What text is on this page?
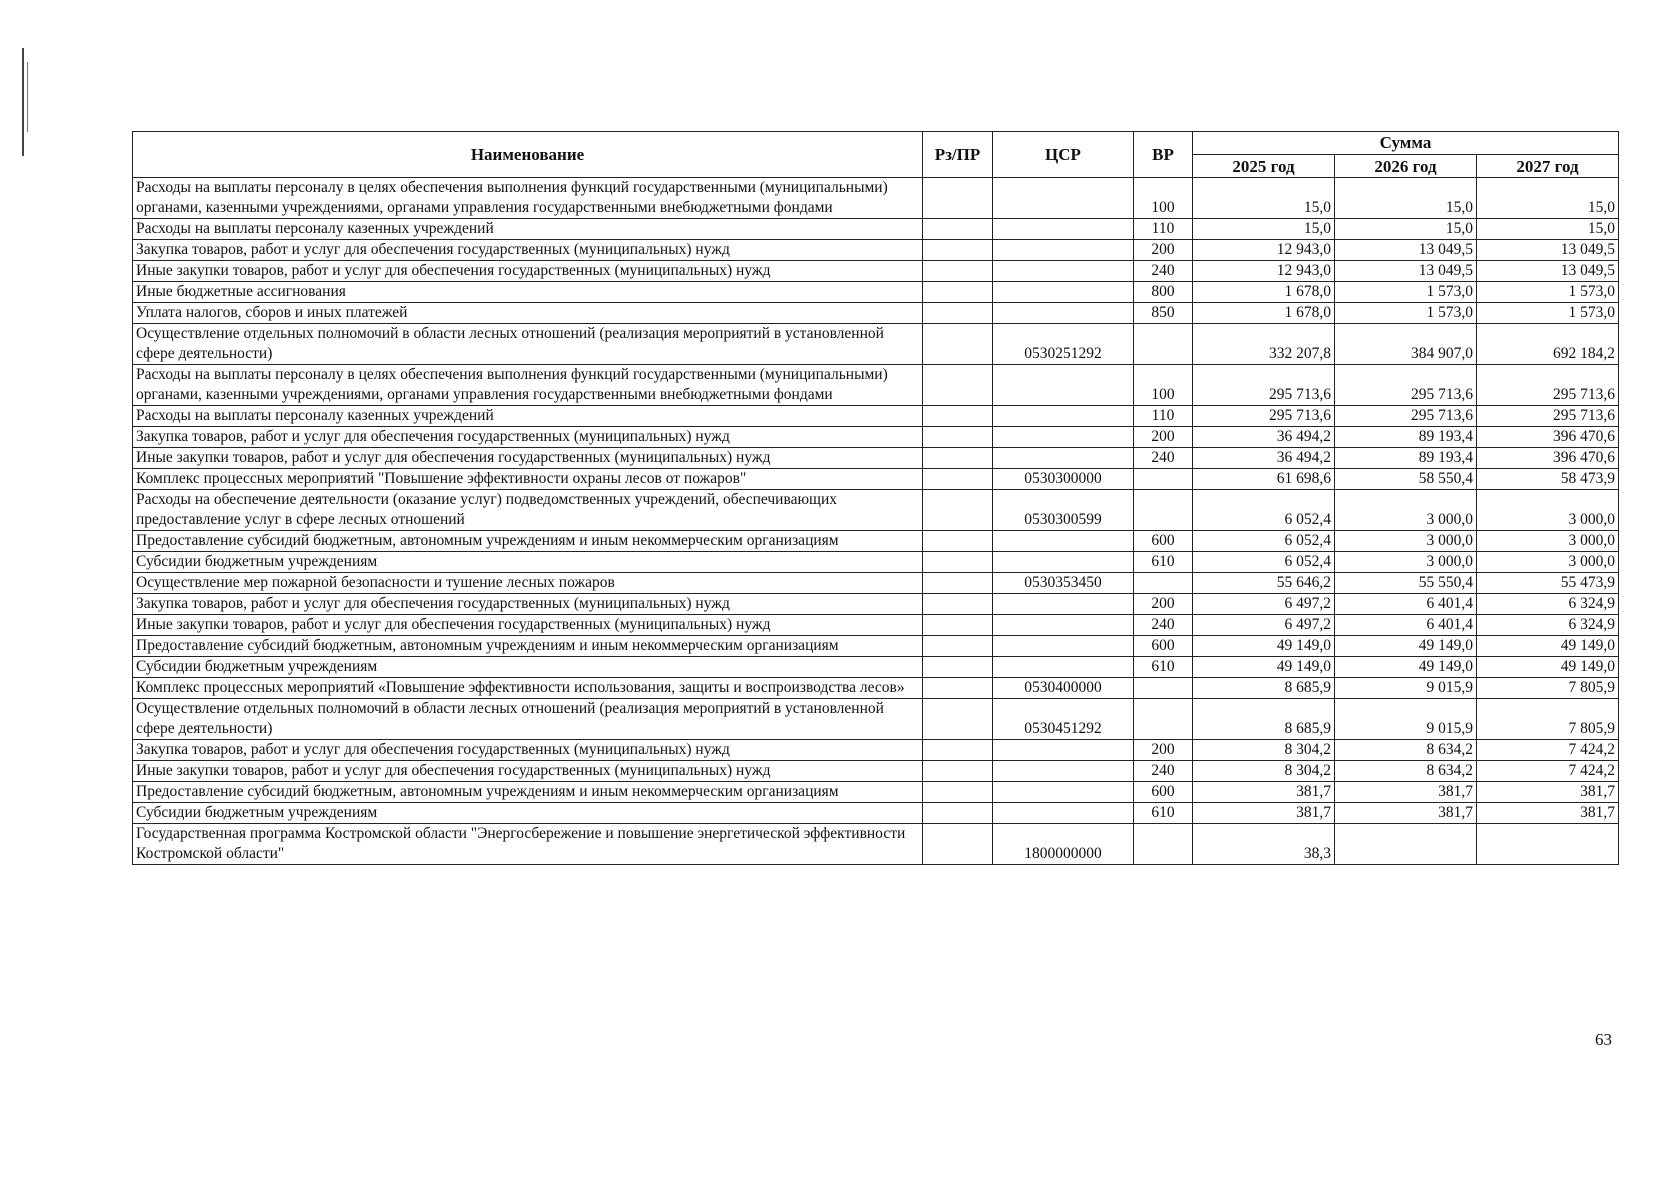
Наименование	Рз/ПР	ЦСР	ВР	Сумма		
				2025 год	2026 год	2027 год
Расходы на выплаты персоналу в целях обеспечения выполнения функций государственными (муниципальными) органами, казенными учреждениями, органами управления государственными внебюджетными фондами			100	15,0	15,0	15,0
Расходы на выплаты персоналу казенных учреждений			110	15,0	15,0	15,0
Закупка товаров, работ и услуг для обеспечения государственных (муниципальных) нужд			200	12 943,0	13 049,5	13 049,5
Иные закупки товаров, работ и услуг для обеспечения государственных (муниципальных) нужд			240	12 943,0	13 049,5	13 049,5
Иные бюджетные ассигнования			800	1 678,0	1 573,0	1 573,0
Уплата налогов, сборов и иных платежей			850	1 678,0	1 573,0	1 573,0
Осуществление отдельных полномочий в области лесных отношений (реализация мероприятий в установленной сфере деятельности)		0530251292		332 207,8	384 907,0	692 184,2
Расходы на выплаты персоналу в целях обеспечения выполнения функций государственными (муниципальными) органами, казенными учреждениями, органами управления государственными внебюджетными фондами			100	295 713,6	295 713,6	295 713,6
Расходы на выплаты персоналу казенных учреждений			110	295 713,6	295 713,6	295 713,6
Закупка товаров, работ и услуг для обеспечения государственных (муниципальных) нужд			200	36 494,2	89 193,4	396 470,6
Иные закупки товаров, работ и услуг для обеспечения государственных (муниципальных) нужд			240	36 494,2	89 193,4	396 470,6
Комплекс процессных мероприятий "Повышение эффективности охраны лесов от пожаров"		0530300000		61 698,6	58 550,4	58 473,9
Расходы на обеспечение деятельности (оказание услуг) подведомственных учреждений, обеспечивающих предоставление услуг в сфере лесных отношений		0530300599		6 052,4	3 000,0	3 000,0
Предоставление субсидий бюджетным, автономным учреждениям и иным некоммерческим организациям			600	6 052,4	3 000,0	3 000,0
Субсидии бюджетным учреждениям			610	6 052,4	3 000,0	3 000,0
Осуществление мер пожарной безопасности и тушение лесных пожаров		0530353450		55 646,2	55 550,4	55 473,9
Закупка товаров, работ и услуг для обеспечения государственных (муниципальных) нужд			200	6 497,2	6 401,4	6 324,9
Иные закупки товаров, работ и услуг для обеспечения государственных (муниципальных) нужд			240	6 497,2	6 401,4	6 324,9
Предоставление субсидий бюджетным, автономным учреждениям и иным некоммерческим организациям			600	49 149,0	49 149,0	49 149,0
Субсидии бюджетным учреждениям			610	49 149,0	49 149,0	49 149,0
Комплекс процессных мероприятий «Повышение эффективности использования, защиты и воспроизводства лесов»		0530400000		8 685,9	9 015,9	7 805,9
Осуществление отдельных полномочий в области лесных отношений (реализация мероприятий в установленной сфере деятельности)		0530451292		8 685,9	9 015,9	7 805,9
Закупка товаров, работ и услуг для обеспечения государственных (муниципальных) нужд			200	8 304,2	8 634,2	7 424,2
Иные закупки товаров, работ и услуг для обеспечения государственных (муниципальных) нужд			240	8 304,2	8 634,2	7 424,2
Предоставление субсидий бюджетным, автономным учреждениям и иным некоммерческим организациям			600	381,7	381,7	381,7
Субсидии бюджетным учреждениям			610	381,7	381,7	381,7
Государственная программа Костромской области "Энергосбережение и повышение энергетической эффективности Костромской области"		1800000000		38,3		
63
